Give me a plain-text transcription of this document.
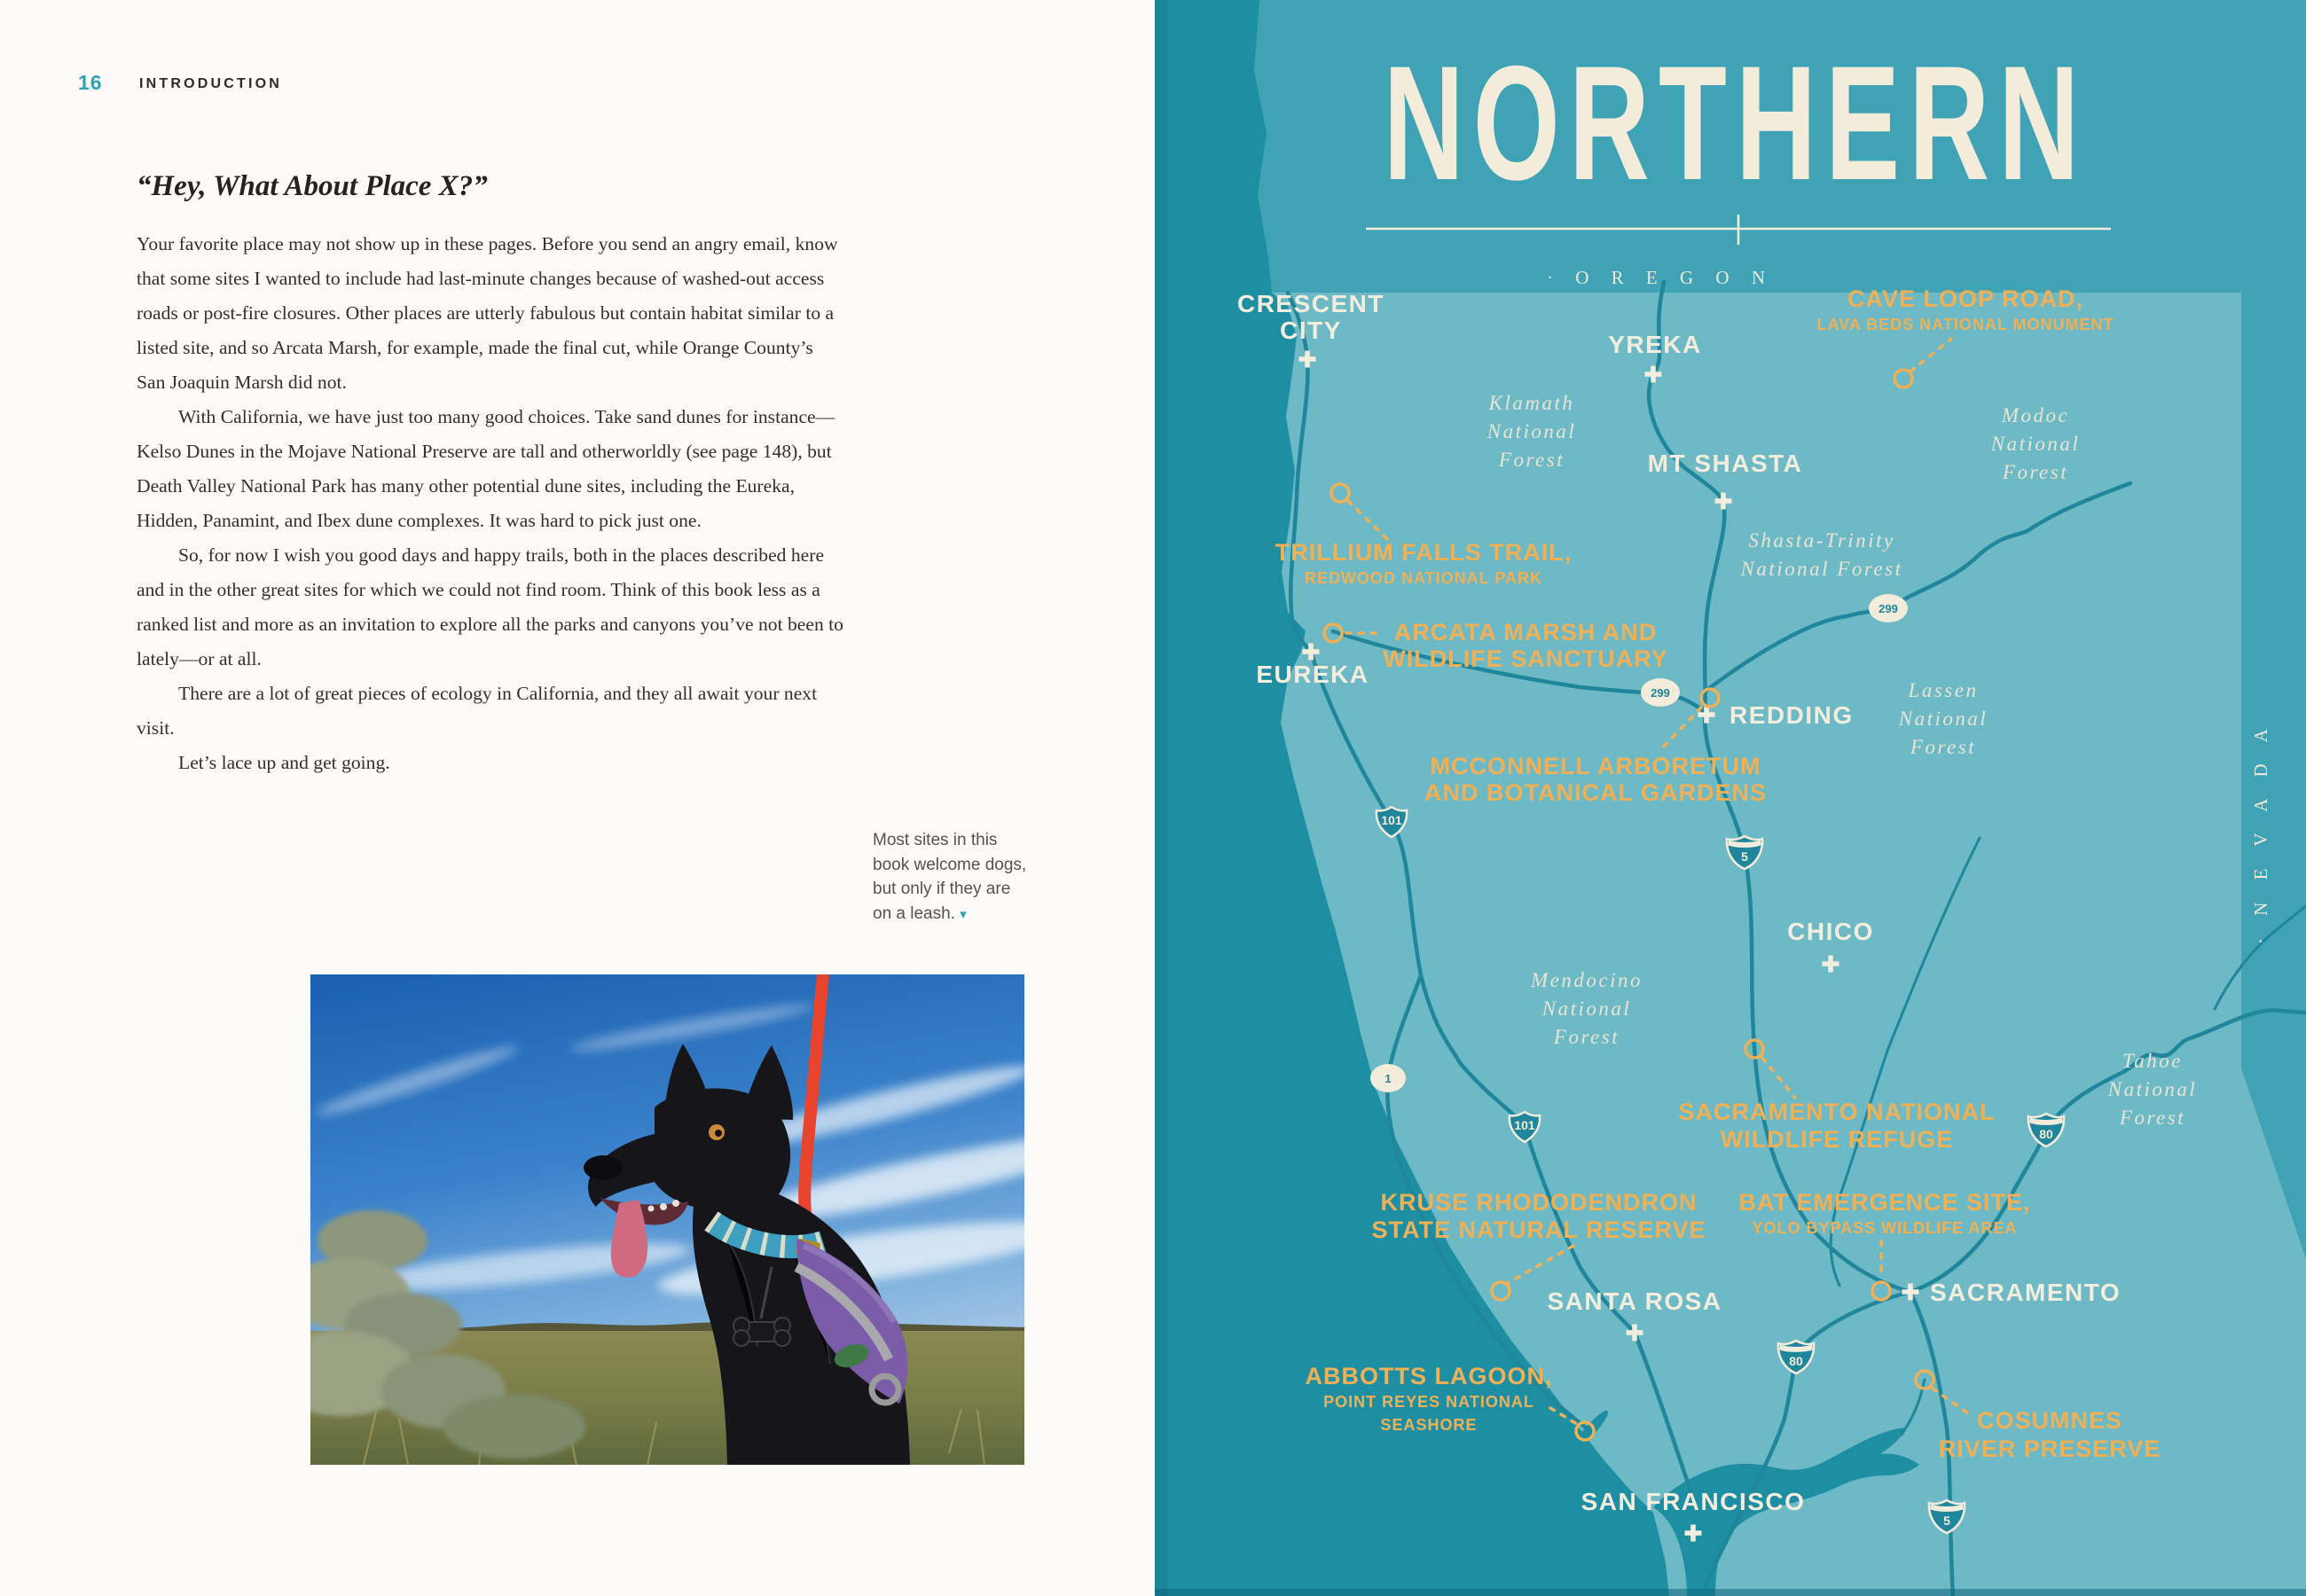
16	INTRODUCTION
“Hey, What About Place X?”

Your favorite place may not show up in these pages. Before you send an angry email, know that some sites I wanted to include had last-minute changes because of washed-out access roads or post-fire closures. Other places are utterly fabulous but contain habitat similar to a listed site, and so Arcata Marsh, for example, made the final cut, while Orange County’s San Joaquin Marsh did not.

With California, we have just too many good choices. Take sand dunes for instance—Kelso Dunes in the Mojave National Preserve are tall and otherworldly (see page 148), but Death Valley National Park has many other potential dune sites, including the Eureka, Hidden, Panamint, and Ibex dune complexes. It was hard to pick just one.

So, for now I wish you good days and happy trails, both in the places described here and in the other great sites for which we could not find room. Think of this book less as a ranked list and more as an invitation to explore all the parks and canyons you’ve not been to lately—or at all.

There are a lot of great pieces of ecology in California, and they all await your next visit.

Let’s lace up and get going.

Most sites in this
book welcome dogs,
but only if they are
on a leash. ▾
NORTHERN
· O R E G O N
· N E V A D A
CRESCENT
CITY
YREKA
MT SHASTA
EUREKA
REDDING
CHICO
SANTA ROSA	SACRAMENTO
SAN FRANCISCO
Klamath
National
Forest
Modoc
National
Forest
Shasta-Trinity
National Forest
Lassen
National
Forest
Mendocino
National
Forest
Tahoe
National
Forest
CAVE LOOP ROAD,
LAVA BEDS NATIONAL MONUMENT
TRILLIUM FALLS TRAIL,
REDWOOD NATIONAL PARK
ARCATA MARSH AND
WILDLIFE SANCTUARY
MCCONNELL ARBORETUM
AND BOTANICAL GARDENS
SACRAMENTO NATIONAL
WILDLIFE REFUGE
KRUSE RHODODENDRON
STATE NATURAL RESERVE
BAT EMERGENCE SITE,
YOLO BYPASS WILDLIFE AREA
ABBOTTS LAGOON,
POINT REYES NATIONAL
SEASHORE	COSUMNES
RIVER PRESERVE
299
299
1
101
101
5
5
80
80
